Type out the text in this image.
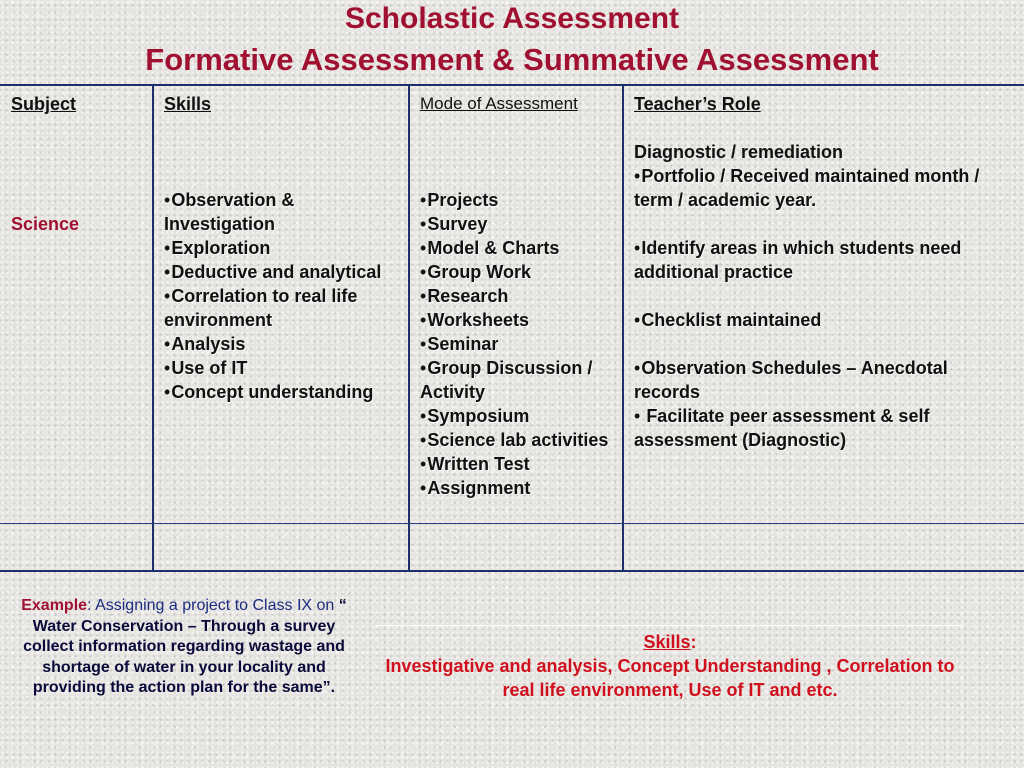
Scholastic Assessment
Formative Assessment & Summative Assessment
Subject
Science
Skills
• Observation & Investigation
• Exploration
• Deductive and analytical
• Correlation to real life environment
• Analysis
• Use of IT
• Concept understanding
Mode of Assessment
• Projects
• Survey
• Model & Charts
• Group Work
• Research
• Worksheets
• Seminar
• Group Discussion / Activity
• Symposium
• Science lab activities
• Written Test
• Assignment
Teacher’s Role
Diagnostic / remediation
• Portfolio / Received maintained month / term / academic year.
• Identify areas in which students need additional practice
• Checklist maintained
• Observation Schedules – Anecdotal records
• Facilitate peer assessment & self assessment (Diagnostic)
Example: Assigning a project to Class IX on “ Water Conservation – Through a survey collect information regarding wastage and shortage of water in your locality and providing the action plan for the same”.
Skills:
Investigative and analysis, Concept Understanding , Correlation to real life environment, Use of IT and etc.
